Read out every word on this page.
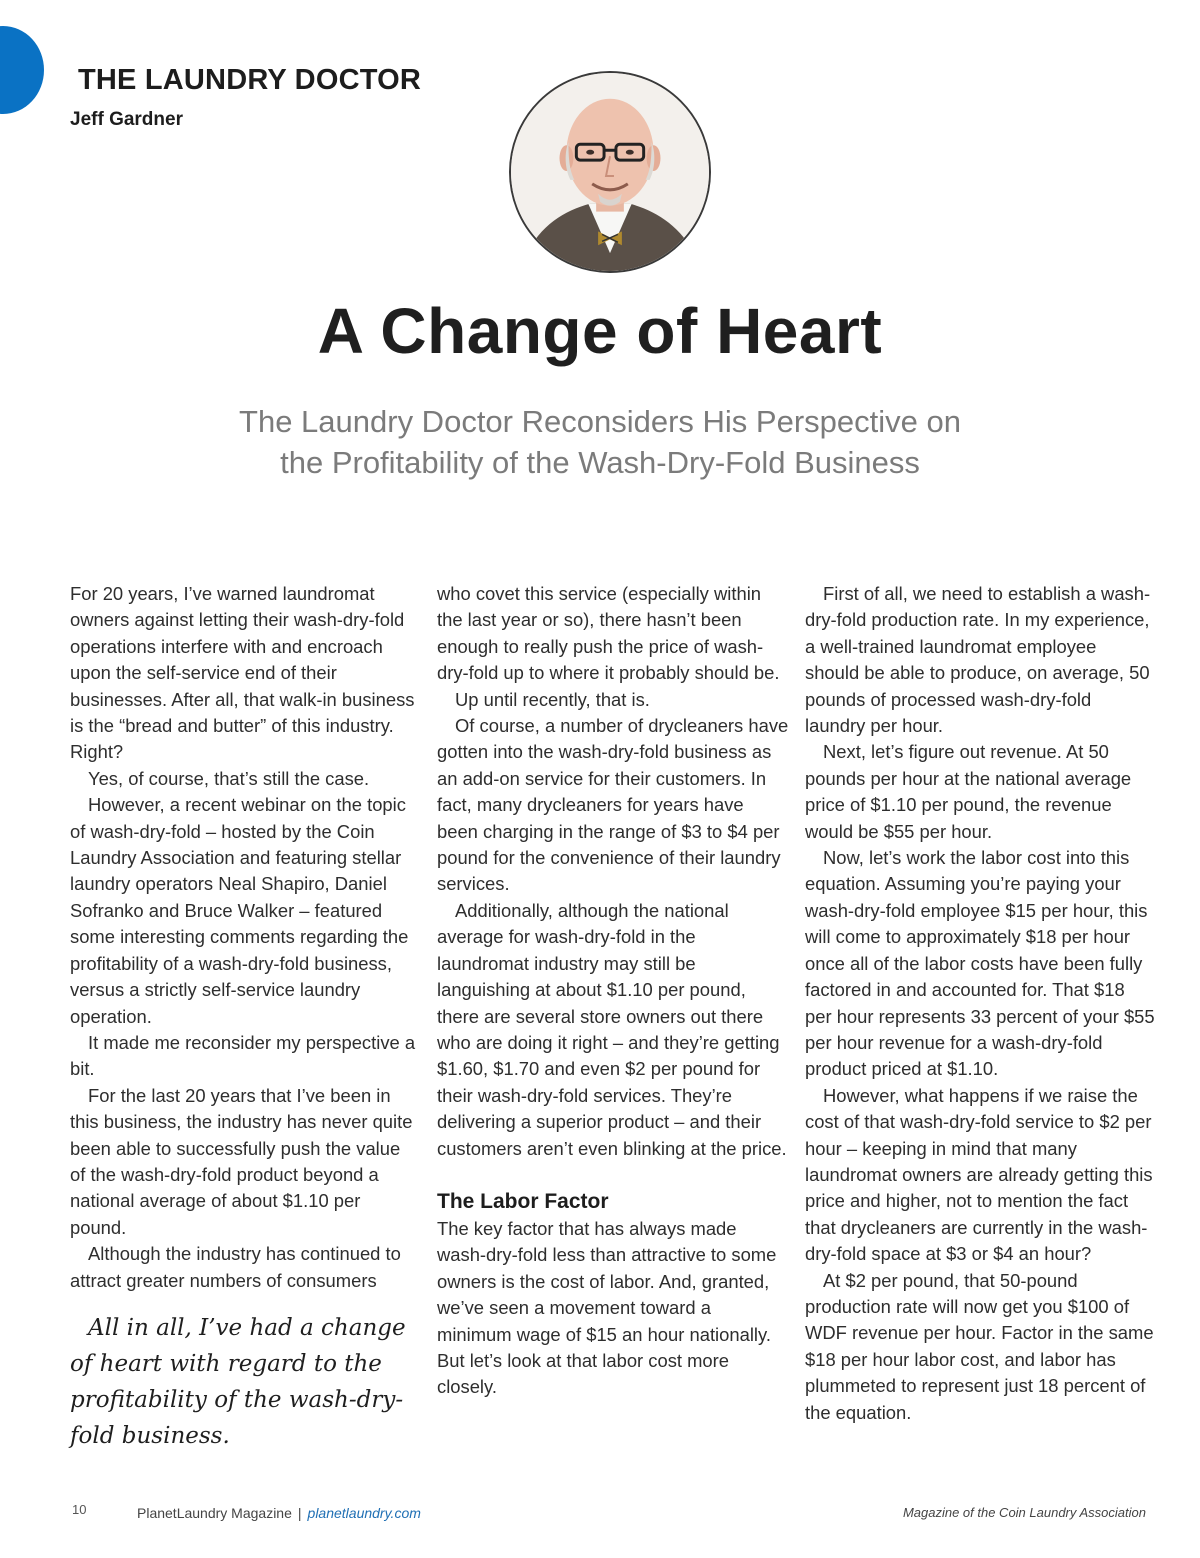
THE LAUNDRY DOCTOR
Jeff Gardner
A Change of Heart
The Laundry Doctor Reconsiders His Perspective on
the Profitability of the Wash-Dry-Fold Business

For 20 years, I’ve warned laundromat owners against letting their wash-dry-fold operations interfere with and encroach upon the self-service end of their businesses. After all, that walk-in business is the “bread and butter” of this industry. Right?

Yes, of course, that’s still the case.

However, a recent webinar on the topic of wash-dry-fold – hosted by the Coin Laundry Association and featuring stellar laundry operators Neal Shapiro, Daniel Sofranko and Bruce Walker – featured some interesting comments regarding the profitability of a wash-dry-fold business, versus a strictly self-service laundry operation.

It made me reconsider my perspective a bit.

For the last 20 years that I’ve been in this business, the industry has never quite been able to successfully push the value of the wash-dry-fold product beyond a national average of about $1.10 per pound.

Although the industry has continued to attract greater numbers of consumers

All in all, I’ve had a change of heart with regard to the profitability of the wash-dry-fold business.

who covet this service (especially within the last year or so), there hasn’t been enough to really push the price of wash-dry-fold up to where it probably should be.

Up until recently, that is.

Of course, a number of drycleaners have gotten into the wash-dry-fold business as an add-on service for their customers. In fact, many drycleaners for years have been charging in the range of $3 to $4 per pound for the convenience of their laundry services.

Additionally, although the national average for wash-dry-fold in the laundromat industry may still be languishing at about $1.10 per pound, there are several store owners out there who are doing it right – and they’re getting $1.60, $1.70 and even $2 per pound for their wash-dry-fold services. They’re delivering a superior product – and their customers aren’t even blinking at the price.

The Labor Factor

The key factor that has always made wash-dry-fold less than attractive to some owners is the cost of labor. And, granted, we’ve seen a movement toward a minimum wage of $15 an hour nationally. But let’s look at that labor cost more closely.

First of all, we need to establish a wash-dry-fold production rate. In my experience, a well-trained laundromat employee should be able to produce, on average, 50 pounds of processed wash-dry-fold laundry per hour.

Next, let’s figure out revenue. At 50 pounds per hour at the national average price of $1.10 per pound, the revenue would be $55 per hour.

Now, let’s work the labor cost into this equation. Assuming you’re paying your wash-dry-fold employee $15 per hour, this will come to approximately $18 per hour once all of the labor costs have been fully factored in and accounted for. That $18 per hour represents 33 percent of your $55 per hour revenue for a wash-dry-fold product priced at $1.10.

However, what happens if we raise the cost of that wash-dry-fold service to $2 per hour – keeping in mind that many laundromat owners are already getting this price and higher, not to mention the fact that drycleaners are currently in the wash-dry-fold space at $3 or $4 an hour?

At $2 per pound, that 50-pound production rate will now get you $100 of WDF revenue per hour. Factor in the same $18 per hour labor cost, and labor has plummeted to represent just 18 percent of the equation.

10	PlanetLaundry Magazine | planetlaundry.com	Magazine of the Coin Laundry Association
